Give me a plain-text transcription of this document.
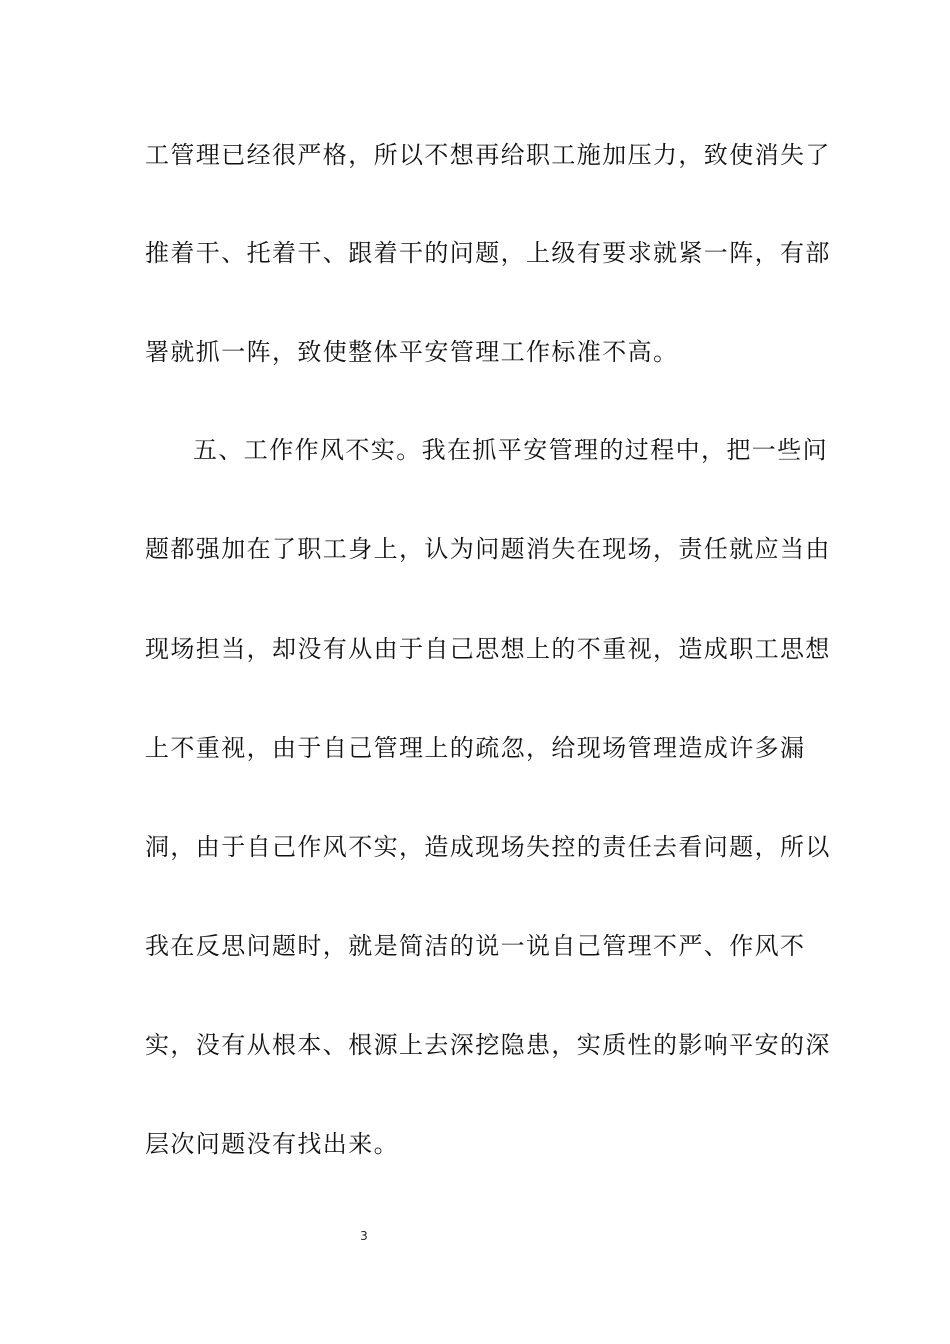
工管理已经很严格，所以不想再给职工施加压力，致使消失了
推着干、托着干、跟着干的问题，上级有要求就紧一阵，有部
署就抓一阵，致使整体平安管理工作标准不高。
五、工作作风不实。我在抓平安管理的过程中，把一些问
题都强加在了职工身上，认为问题消失在现场，责任就应当由
现场担当，却没有从由于自己思想上的不重视，造成职工思想
上不重视，由于自己管理上的疏忽，给现场管理造成许多漏
洞，由于自己作风不实，造成现场失控的责任去看问题，所以
我在反思问题时，就是简洁的说一说自己管理不严、作风不
实，没有从根本、根源上去深挖隐患，实质性的影响平安的深
层次问题没有找出来。
3
